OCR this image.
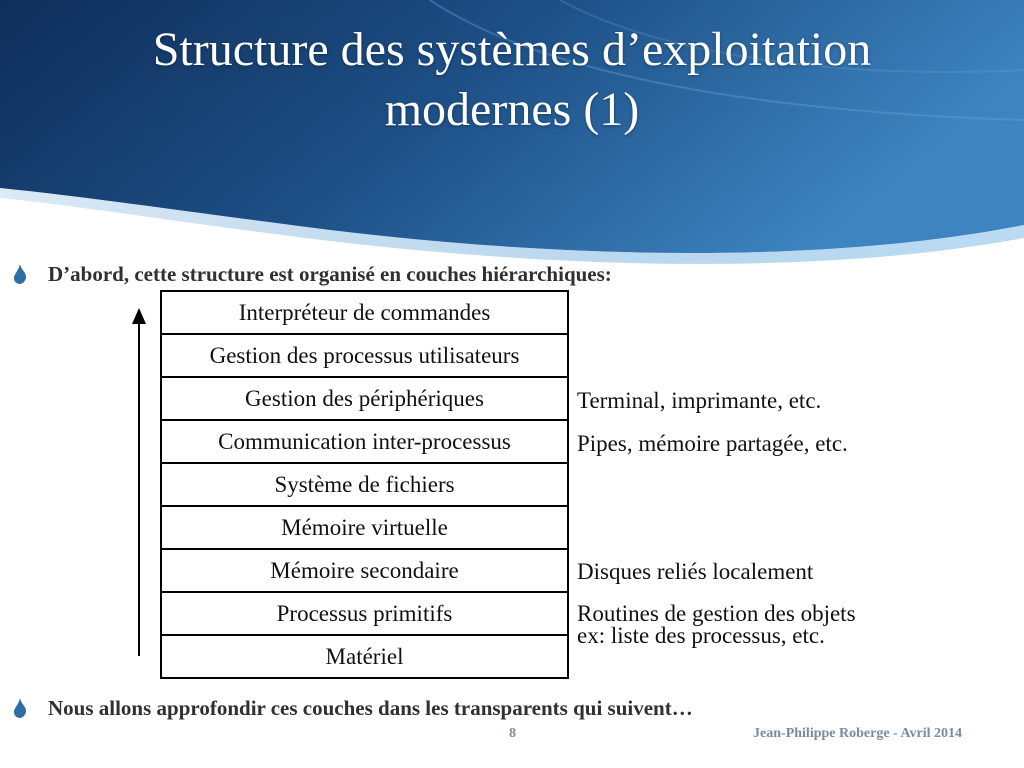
Structure des systèmes d’exploitation
modernes (1)
D’abord, cette structure est organisé en couches hiérarchiques:
Interpréteur de commandes
Gestion des processus utilisateurs
Gestion des périphériques
Communication inter-processus
Système de fichiers
Mémoire virtuelle
Mémoire secondaire
Processus primitifs
Matériel
Terminal, imprimante, etc.
Pipes, mémoire partagée, etc.
Disques reliés localement
Routines de gestion des objets
ex: liste des processus, etc.
Nous allons approfondir ces couches dans les transparents qui suivent…
8	Jean-Philippe Roberge - Avril 2014
